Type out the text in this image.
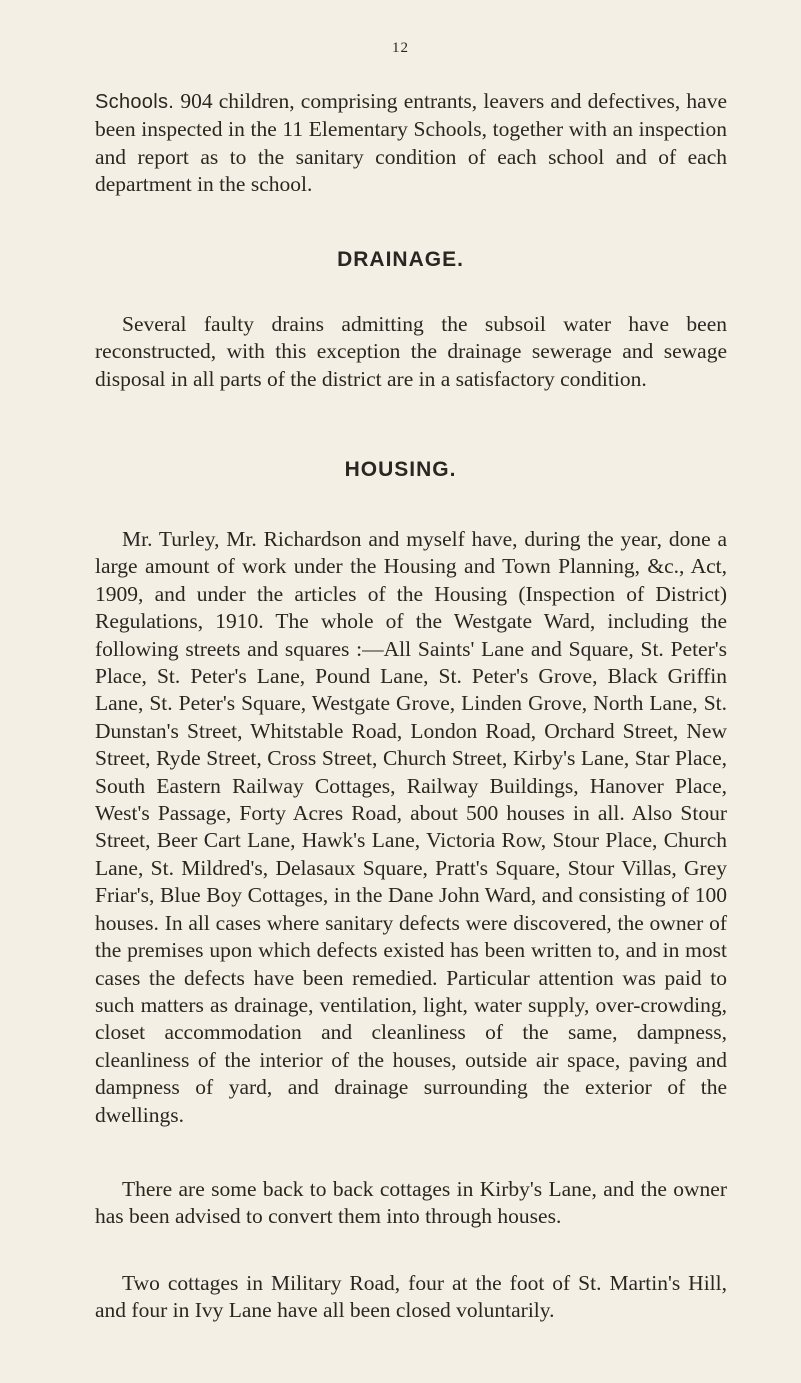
12

Schools. 904 children, comprising entrants, leavers and defectives, have been inspected in the 11 Elementary Schools, together with an inspection and report as to the sanitary condition of each school and of each department in the school.

DRAINAGE.

Several faulty drains admitting the subsoil water have been reconstructed, with this exception the drainage sewerage and sewage disposal in all parts of the district are in a satisfactory condition.

HOUSING.

Mr. Turley, Mr. Richardson and myself have, during the year, done a large amount of work under the Housing and Town Planning, &c., Act, 1909, and under the articles of the Housing (Inspection of District) Regulations, 1910. The whole of the Westgate Ward, including the following streets and squares :—All Saints' Lane and Square, St. Peter's Place, St. Peter's Lane, Pound Lane, St. Peter's Grove, Black Griffin Lane, St. Peter's Square, Westgate Grove, Linden Grove, North Lane, St. Dunstan's Street, Whitstable Road, London Road, Orchard Street, New Street, Ryde Street, Cross Street, Church Street, Kirby's Lane, Star Place, South Eastern Railway Cottages, Railway Buildings, Hanover Place, West's Passage, Forty Acres Road, about 500 houses in all. Also Stour Street, Beer Cart Lane, Hawk's Lane, Victoria Row, Stour Place, Church Lane, St. Mildred's, Delasaux Square, Pratt's Square, Stour Villas, Grey Friar's, Blue Boy Cottages, in the Dane John Ward, and consisting of 100 houses. In all cases where sanitary defects were discovered, the owner of the premises upon which defects existed has been written to, and in most cases the defects have been remedied. Particular attention was paid to such matters as drainage, ventilation, light, water supply, over-crowding, closet accommodation and cleanliness of the same, dampness, cleanliness of the interior of the houses, outside air space, paving and dampness of yard, and drainage surrounding the exterior of the dwellings.

There are some back to back cottages in Kirby's Lane, and the owner has been advised to convert them into through houses.

Two cottages in Military Road, four at the foot of St. Martin's Hill, and four in Ivy Lane have all been closed voluntarily.
